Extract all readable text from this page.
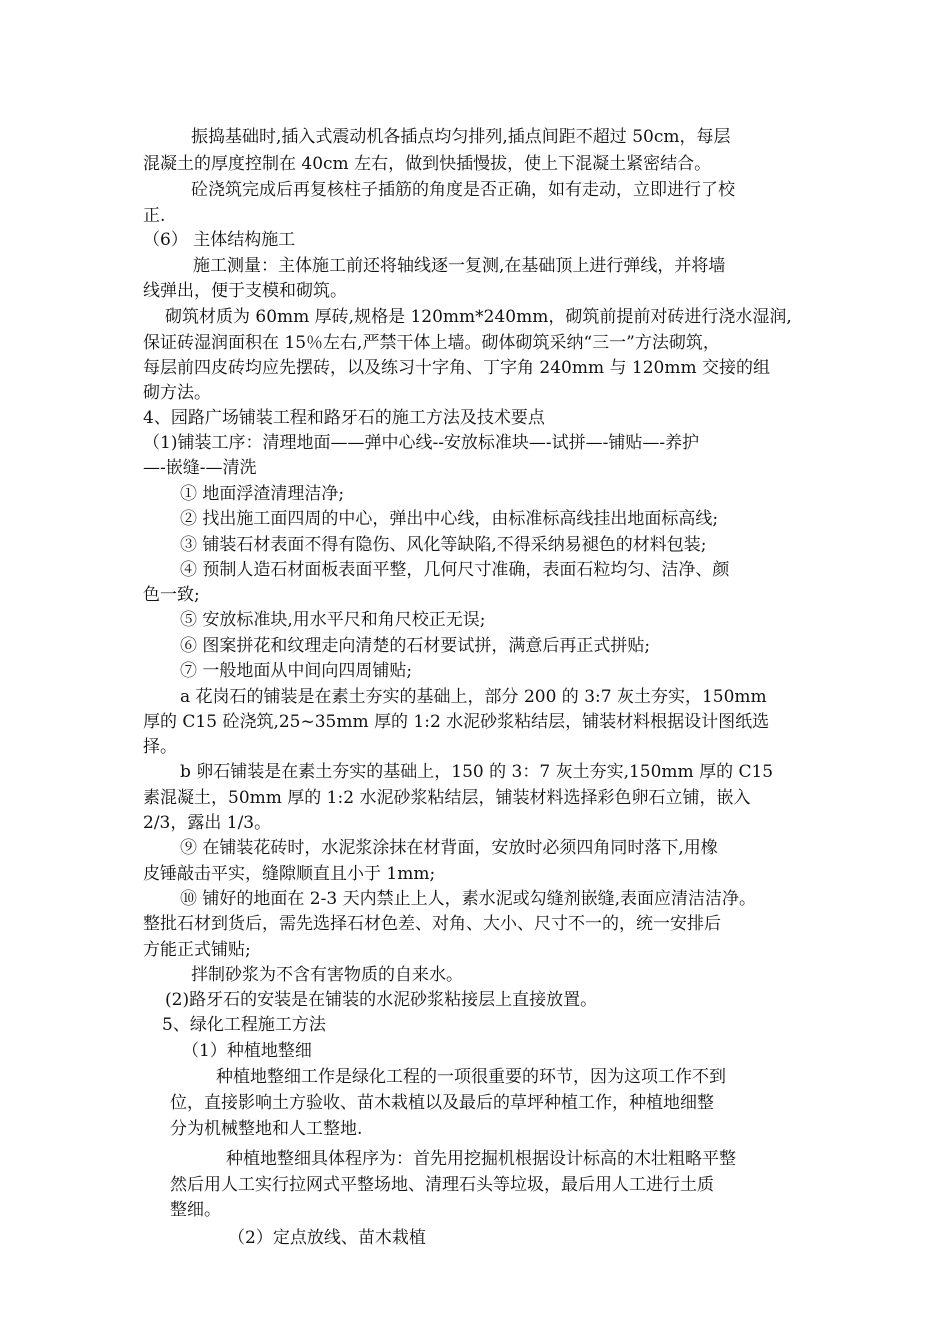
振捣基础时,插入式震动机各插点均匀排列,插点间距不超过 50cm，每层
混凝土的厚度控制在 40cm 左右，做到快插慢拔，使上下混凝土紧密结合。
砼浇筑完成后再复核柱子插筋的角度是否正确，如有走动，立即进行了校
正.
（6） 主体结构施工
施工测量：主体施工前还将轴线逐一复测,在基础顶上进行弹线，并将墙
线弹出，便于支模和砌筑。
砌筑材质为 60mm 厚砖,规格是 120mm*240mm，砌筑前提前对砖进行浇水湿润,
保证砖湿润面积在 15％左右,严禁干体上墙。砌体砌筑采纳“三一”方法砌筑，
每层前四皮砖均应先摆砖，以及练习十字角、丁字角 240mm 与 120mm 交接的组
砌方法。
4、园路广场铺装工程和路牙石的施工方法及技术要点
（1)铺装工序：清理地面——弹中心线--安放标准块—-试拼—-铺贴—-养护
—-嵌缝-—清洗
① 地面浮渣清理洁净;
② 找出施工面四周的中心，弹出中心线，由标准标高线挂出地面标高线;
③ 铺装石材表面不得有隐伤、风化等缺陷,不得采纳易褪色的材料包装;
④ 预制人造石材面板表面平整，几何尺寸准确，表面石粒均匀、洁净、颜
色一致;
⑤ 安放标准块,用水平尺和角尺校正无误;
⑥ 图案拼花和纹理走向清楚的石材要试拼，满意后再正式拼贴;
⑦ 一般地面从中间向四周铺贴;
a 花岗石的铺装是在素土夯实的基础上，部分 200 的 3:7 灰土夯实，150mm
厚的 C15 砼浇筑,25~35mm 厚的 1:2 水泥砂浆粘结层，铺装材料根据设计图纸选
择。
b 卵石铺装是在素土夯实的基础上，150 的 3：7 灰土夯实,150mm 厚的 C15
素混凝土，50mm 厚的 1:2 水泥砂浆粘结层，铺装材料选择彩色卵石立铺，嵌入
2/3，露出 1/3。
⑨ 在铺装花砖时，水泥浆涂抹在材背面，安放时必须四角同时落下,用橡
皮锤敲击平实，缝隙顺直且小于 1mm;
⑩ 铺好的地面在 2-3 天内禁止上人，素水泥或勾缝剂嵌缝,表面应清洁洁净。
整批石材到货后，需先选择石材色差、对角、大小、尺寸不一的，统一安排后
方能正式铺贴;
拌制砂浆为不含有害物质的自来水。
(2)路牙石的安装是在铺装的水泥砂浆粘接层上直接放置。
5、绿化工程施工方法
（1）种植地整细
种植地整细工作是绿化工程的一项很重要的环节，因为这项工作不到
位，直接影响土方验收、苗木栽植以及最后的草坪种植工作，种植地细整
分为机械整地和人工整地.
种植地整细具体程序为：首先用挖掘机根据设计标高的木壮粗略平整
然后用人工实行拉网式平整场地、清理石头等垃圾，最后用人工进行土质
整细。
（2）定点放线、苗木栽植
